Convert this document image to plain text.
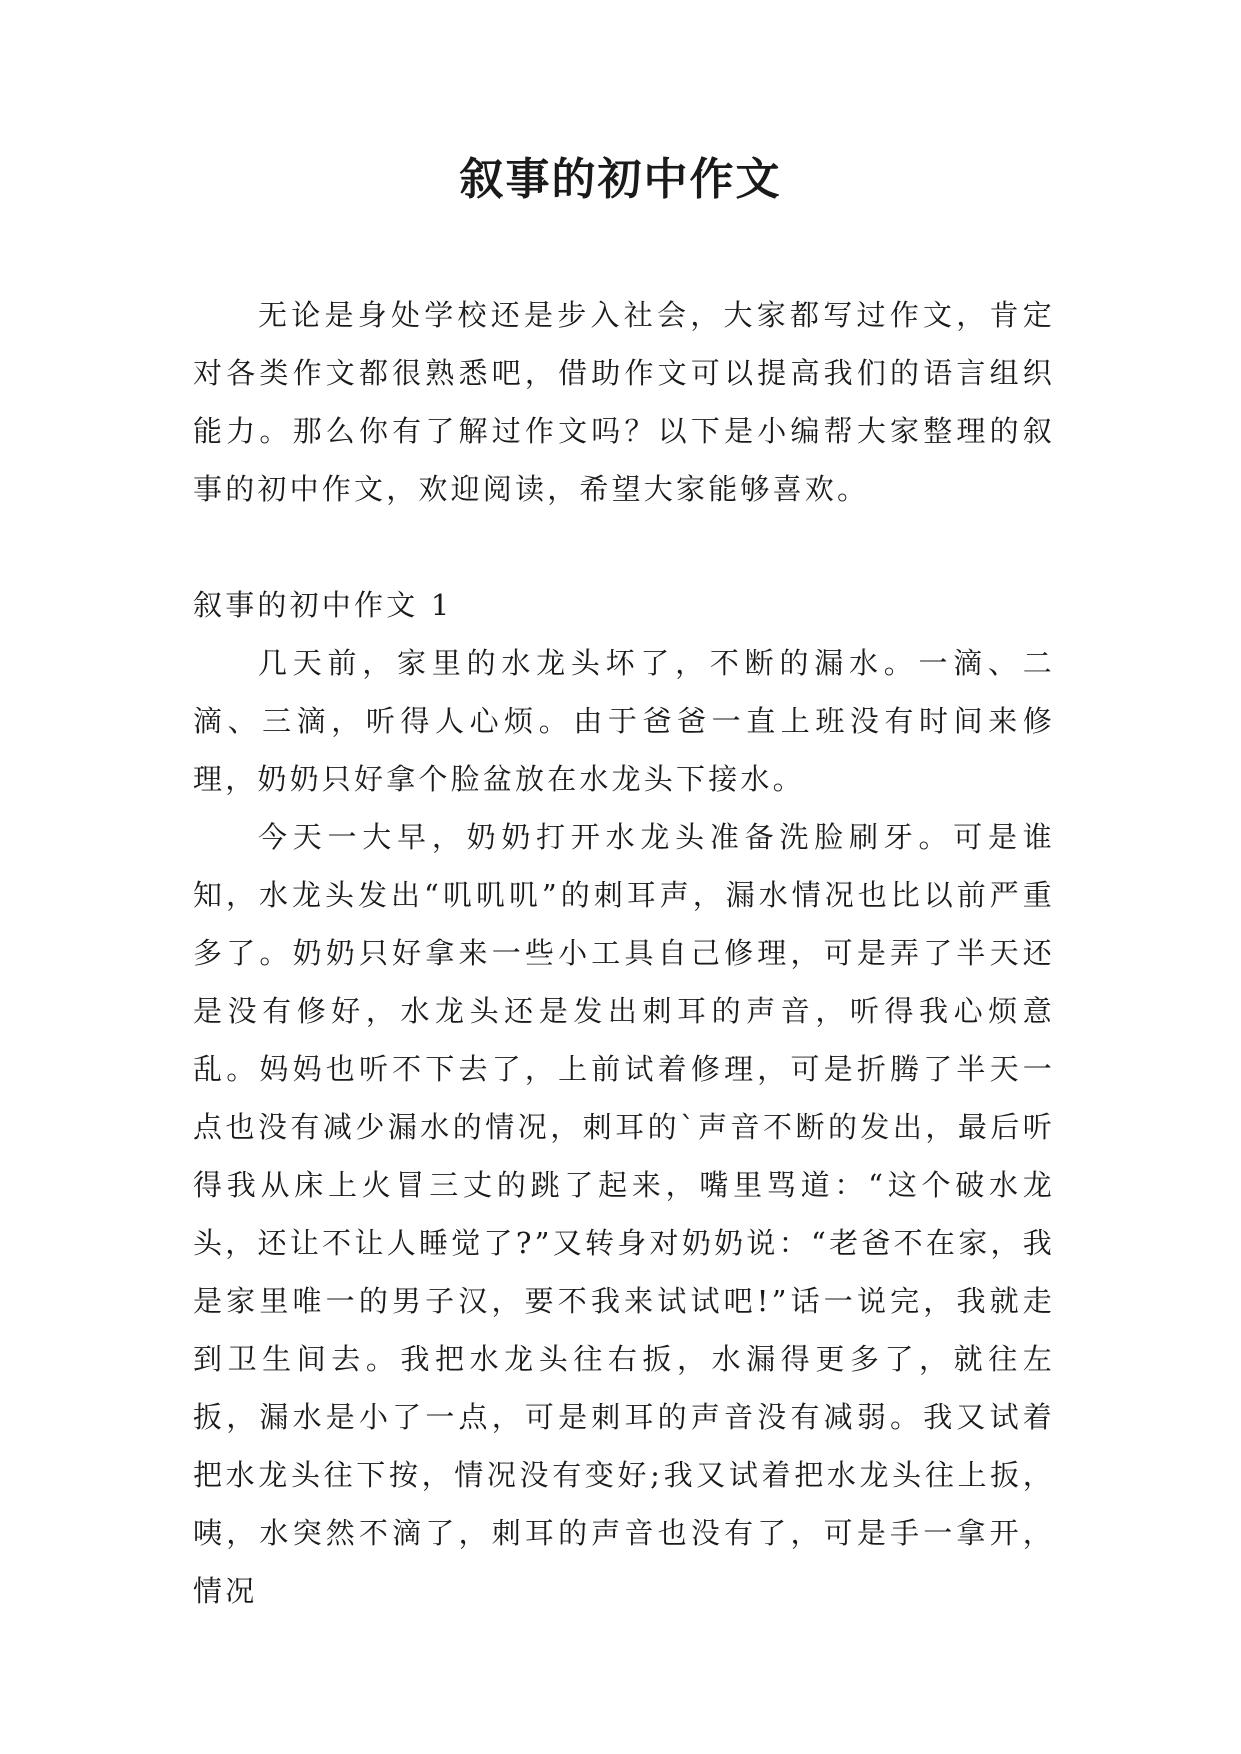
叙事的初中作文

无论是身处学校还是步入社会，大家都写过作文，肯定对各类作文都很熟悉吧，借助作文可以提高我们的语言组织能力。那么你有了解过作文吗？以下是小编帮大家整理的叙事的初中作文，欢迎阅读，希望大家能够喜欢。

叙事的初中作文 1

几天前，家里的水龙头坏了，不断的漏水。一滴、二滴、三滴，听得人心烦。由于爸爸一直上班没有时间来修理，奶奶只好拿个脸盆放在水龙头下接水。

今天一大早，奶奶打开水龙头准备洗脸刷牙。可是谁知，水龙头发出“叽叽叽”的刺耳声，漏水情况也比以前严重多了。奶奶只好拿来一些小工具自己修理，可是弄了半天还是没有修好，水龙头还是发出刺耳的声音，听得我心烦意乱。妈妈也听不下去了，上前试着修理，可是折腾了半天一点也没有减少漏水的情况，刺耳的`声音不断的发出，最后听得我从床上火冒三丈的跳了起来，嘴里骂道：“这个破水龙头，还让不让人睡觉了?”又转身对奶奶说：“老爸不在家，我是家里唯一的男子汉，要不我来试试吧!”话一说完，我就走到卫生间去。我把水龙头往右扳，水漏得更多了，就往左扳，漏水是小了一点，可是刺耳的声音没有减弱。我又试着把水龙头往下按，情况没有变好;我又试着把水龙头往上扳，咦，水突然不滴了，刺耳的声音也没有了，可是手一拿开，情况
